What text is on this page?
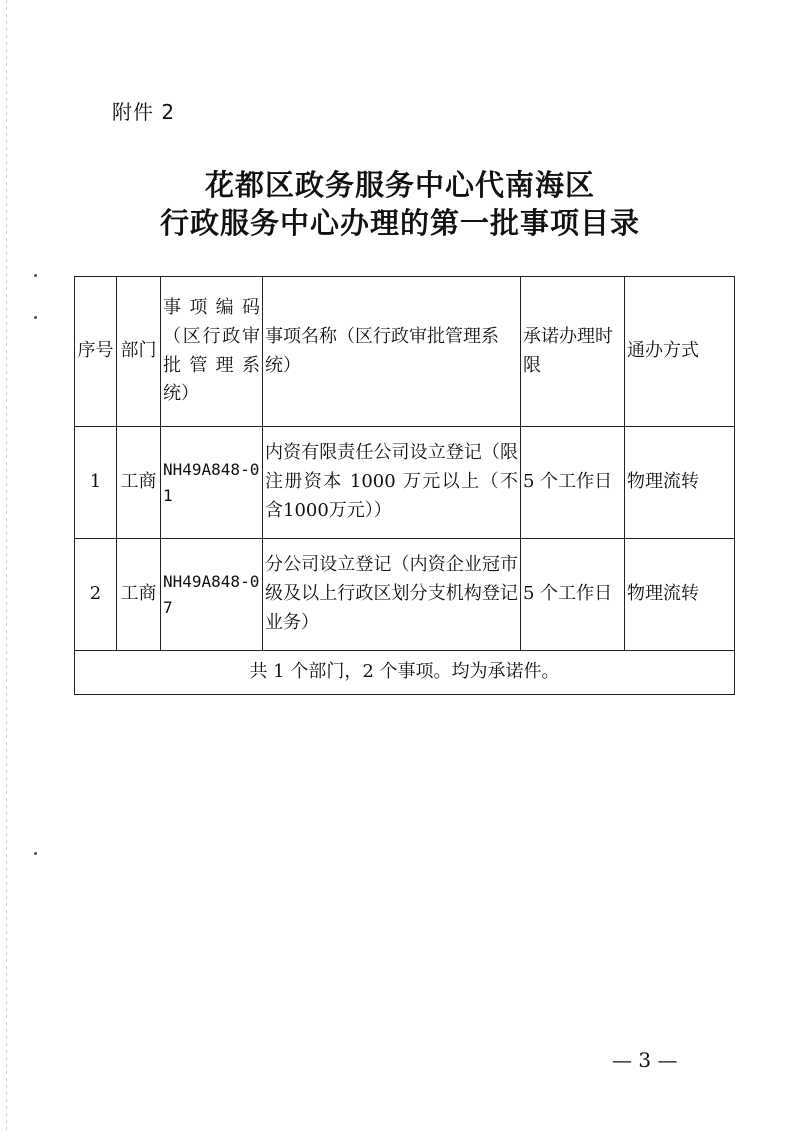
附件 2
花都区政务服务中心代南海区
行政服务中心办理的第一批事项目录
序号	部门	事项编码（区行政审批管理系统）	事项名称（区行政审批管理系统）	承诺办理时限	通办方式
1	工商	NH49A848-01	内资有限责任公司设立登记（限注册资本 1000 万元以上（不含1000万元））	5 个工作日	物理流转
2	工商	NH49A848-07	分公司设立登记（内资企业冠市级及以上行政区划分支机构登记业务）	5 个工作日	物理流转
共 1 个部门，2 个事项。均为承诺件。					
— 3 —
